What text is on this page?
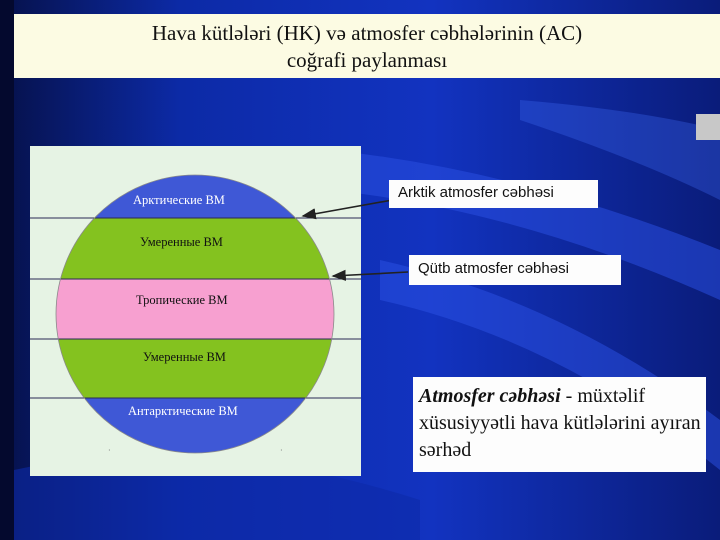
Hava kütlələri (HK) və atmosfer cəbhələrinin (AC)
coğrafi paylanması
·	·
Арктические ВМ
Умеренные ВМ
Тропические ВМ
Умеренные ВМ
Антарктические ВМ
Arktik atmosfer cəbhəsi
Qütb atmosfer cəbhəsi
Atmosfer cəbhəsi - müxtəlif xüsusiyyətli hava kütlələrini ayıran sərhəd
